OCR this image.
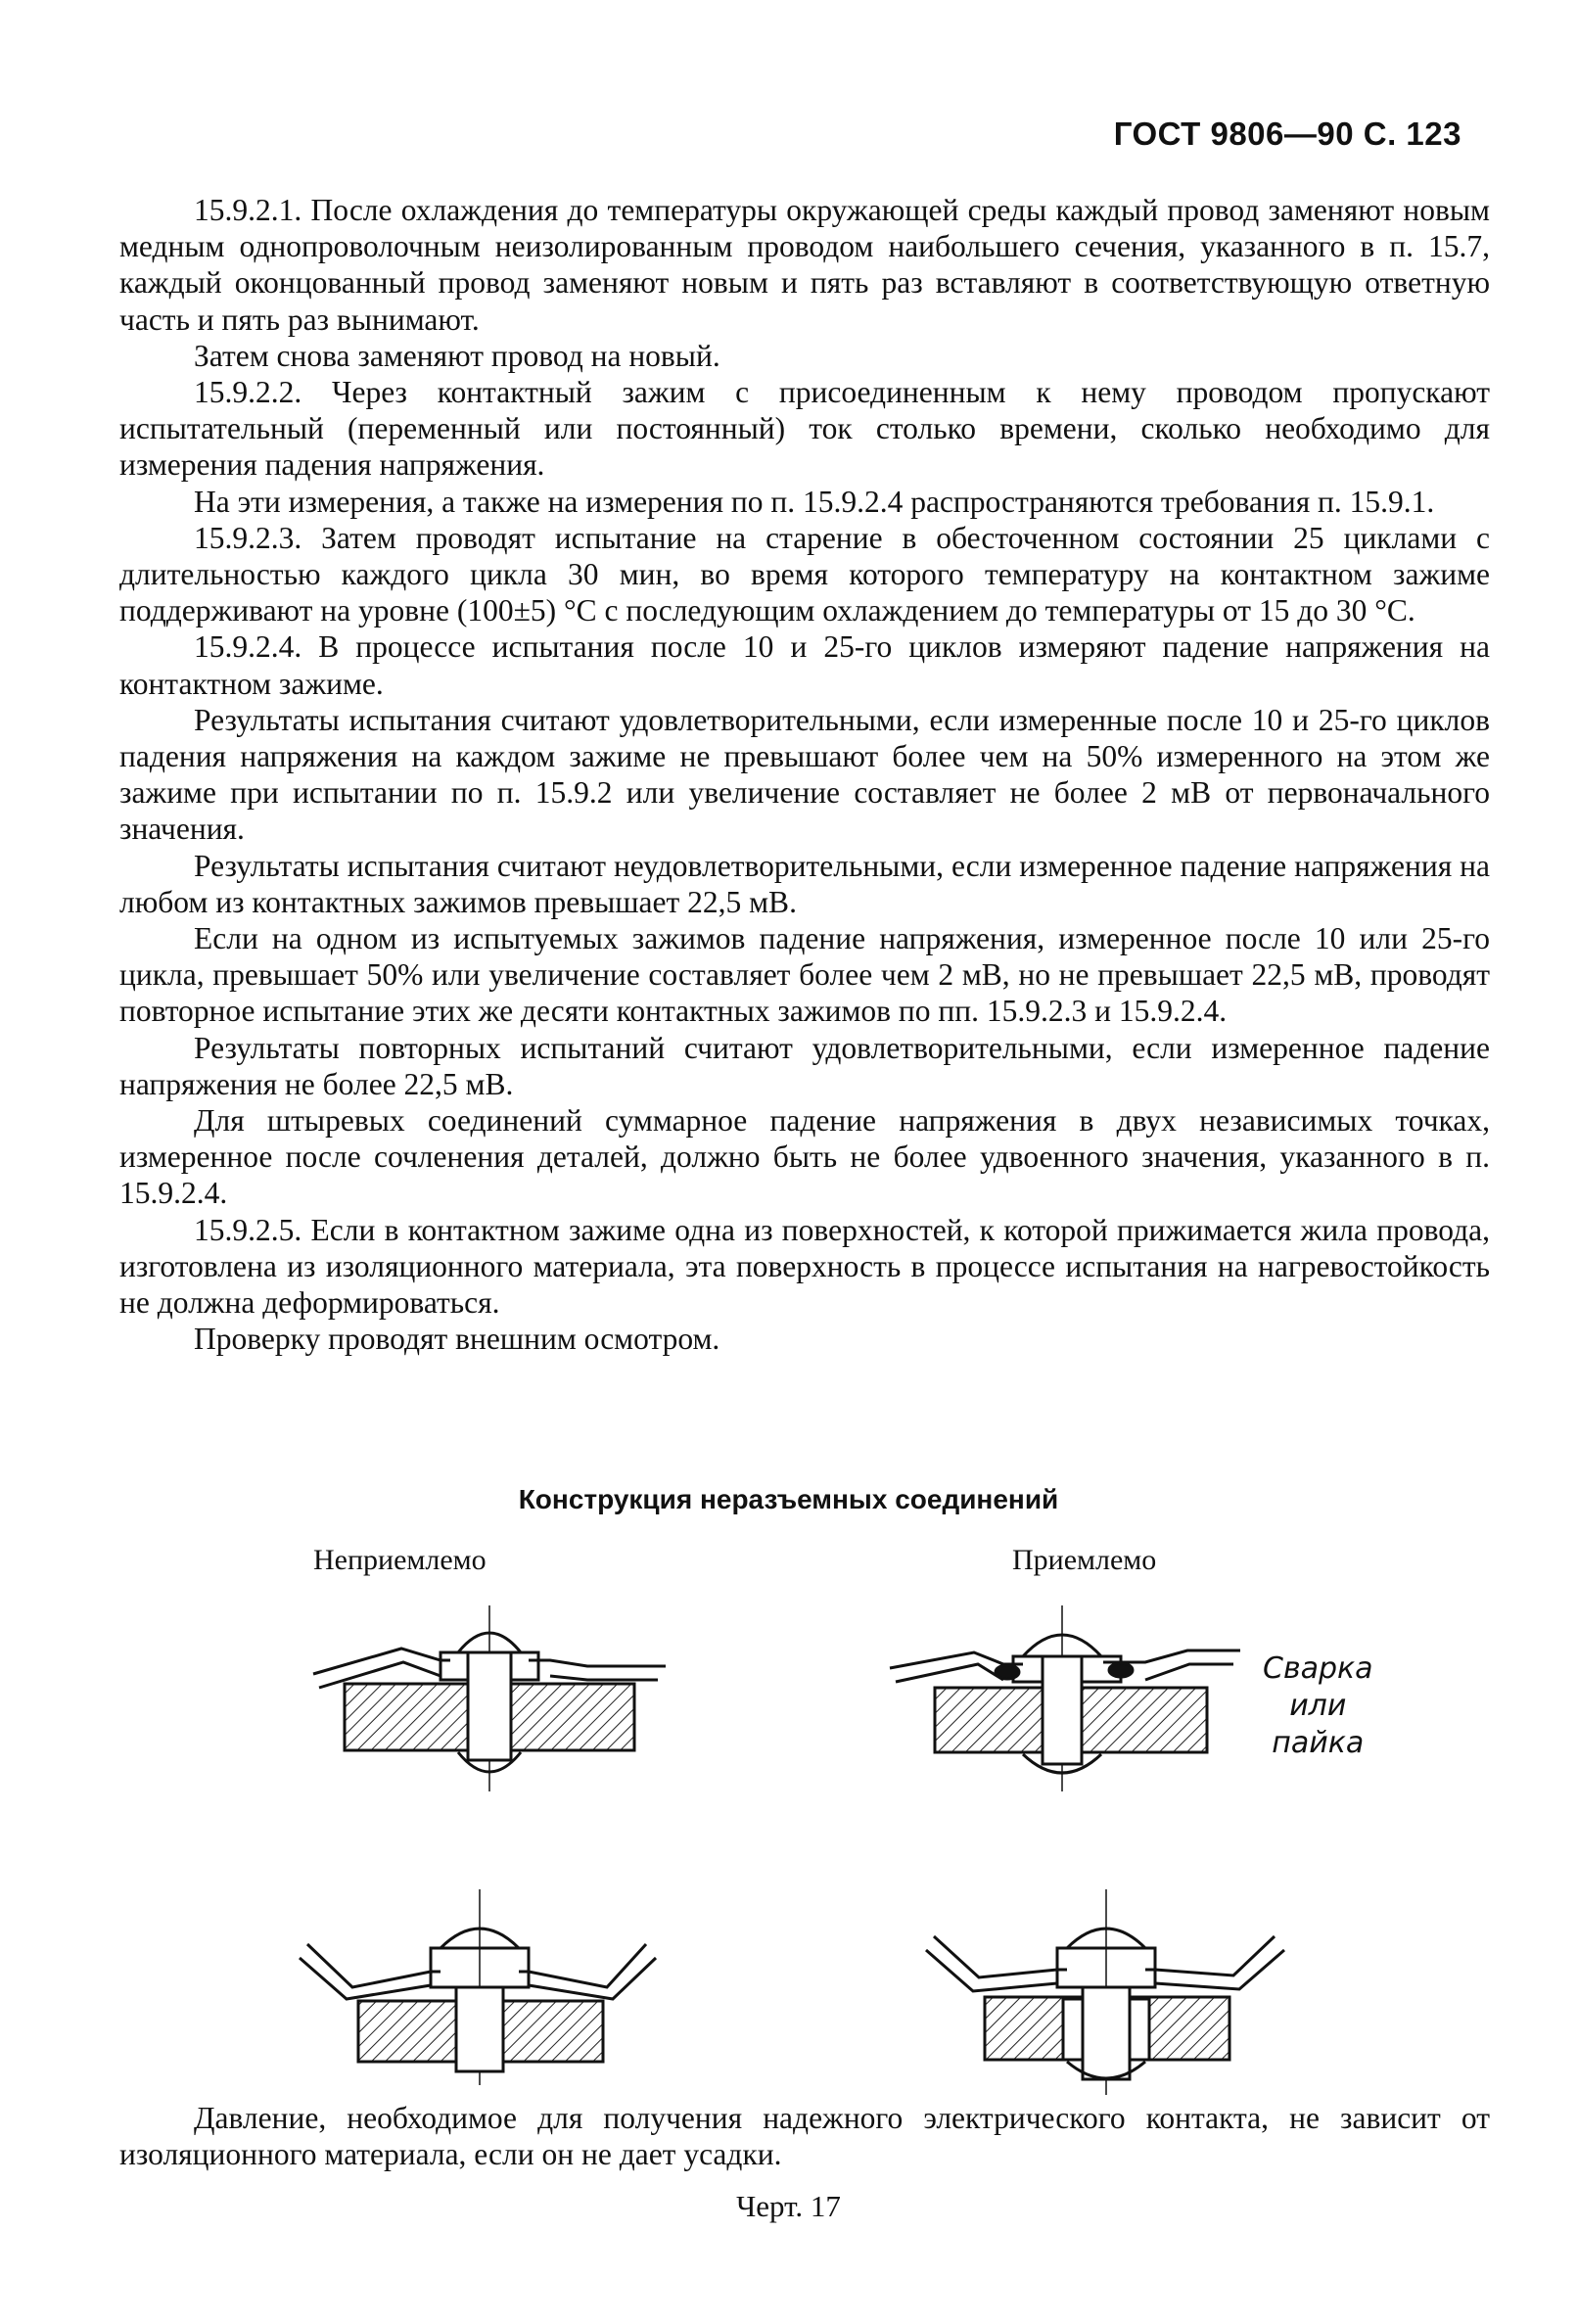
ГОСТ 9806—90 С. 123

15.9.2.1. После охлаждения до температуры окружающей среды каждый провод заменяют новым медным однопроволочным неизолированным проводом наибольшего сечения, указанного в п. 15.7, каждый оконцованный провод заменяют новым и пять раз вставляют в соответствующую ответную часть и пять раз вынимают.

Затем снова заменяют провод на новый.

15.9.2.2. Через контактный зажим с присоединенным к нему проводом пропускают испытательный (переменный или постоянный) ток столько времени, сколько необходимо для измерения падения напряжения.

На эти измерения, а также на измерения по п. 15.9.2.4 распространяются требования п. 15.9.1.

15.9.2.3. Затем проводят испытание на старение в обесточенном состоянии 25 циклами с длительностью каждого цикла 30 мин, во время которого температуру на контактном зажиме поддерживают на уровне (100±5) °С с последующим охлаждением до температуры от 15 до 30 °С.

15.9.2.4. В процессе испытания после 10 и 25-го циклов измеряют падение напряжения на контактном зажиме.

Результаты испытания считают удовлетворительными, если измеренные после 10 и 25-го циклов падения напряжения на каждом зажиме не превышают более чем на 50% измеренного на этом же зажиме при испытании по п. 15.9.2 или увеличение составляет не более 2 мВ от первоначального значения.

Результаты испытания считают неудовлетворительными, если измеренное падение напряжения на любом из контактных зажимов превышает 22,5 мВ.

Если на одном из испытуемых зажимов падение напряжения, измеренное после 10 или 25-го цикла, превышает 50% или увеличение составляет более чем 2 мВ, но не превышает 22,5 мВ, проводят повторное испытание этих же десяти контактных зажимов по пп. 15.9.2.3 и 15.9.2.4.

Результаты повторных испытаний считают удовлетворительными, если измеренное падение напряжения не более 22,5 мВ.

Для штыревых соединений суммарное падение напряжения в двух независимых точках, измеренное после сочленения деталей, должно быть не более удвоенного значения, указанного в п. 15.9.2.4.

15.9.2.5. Если в контактном зажиме одна из поверхностей, к которой прижимается жила провода, изготовлена из изоляционного материала, эта поверхность в процессе испытания на нагревостойкость не должна деформироваться.

Проверку проводят внешним осмотром.

Конструкция неразъемных соединений
Неприемлемо	Приемлемо
Сварка
или
пайка

Давление, необходимое для получения надежного электрического контакта, не зависит от изоляционного материала, если он не дает усадки.

Черт. 17
